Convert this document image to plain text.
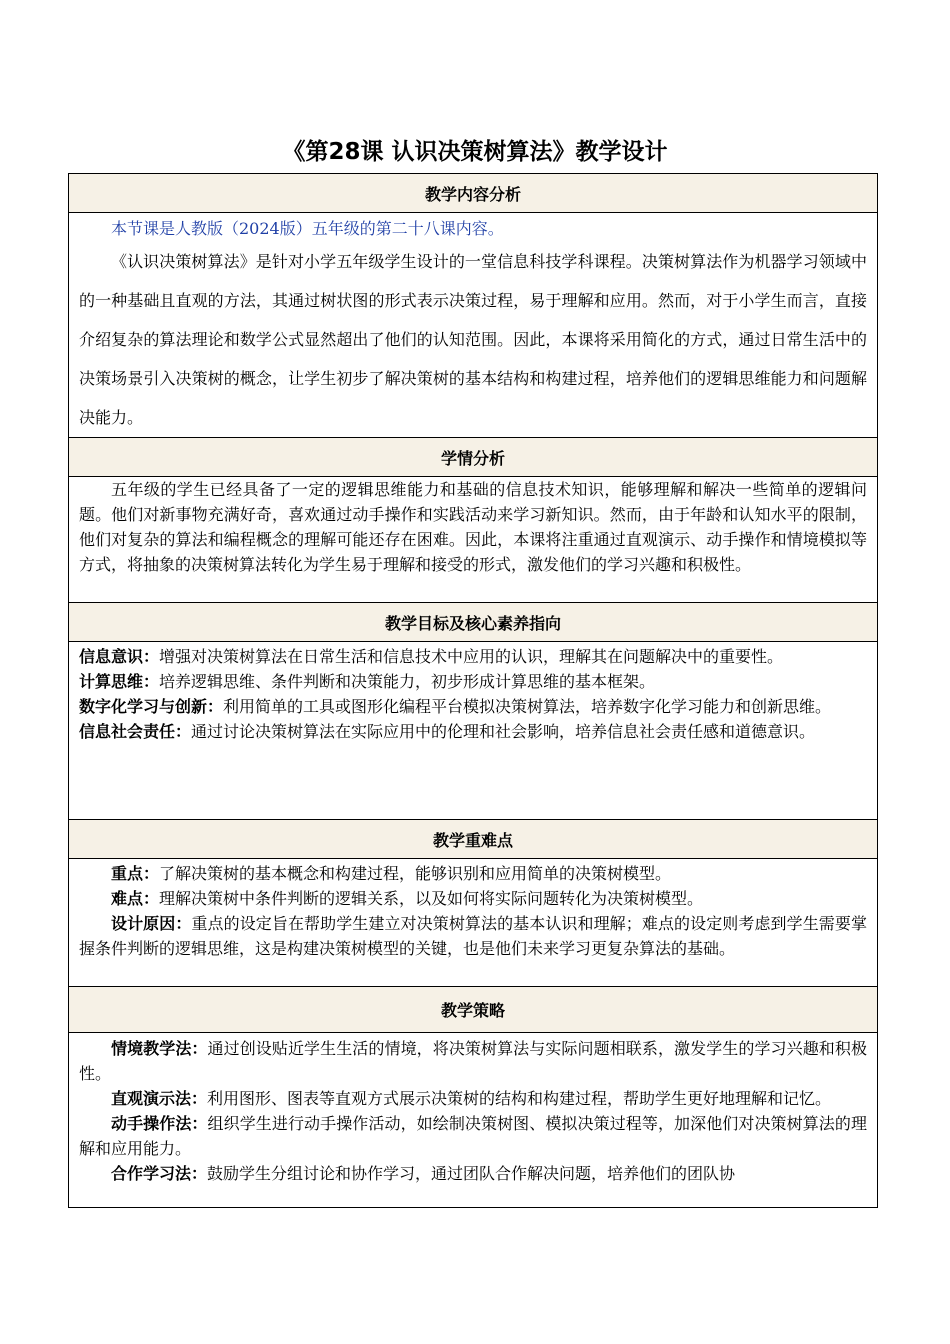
《第28课 认识决策树算法》教学设计
教学内容分析

本节课是人教版（2024版）五年级的第二十八课内容。

《认识决策树算法》是针对小学五年级学生设计的一堂信息科技学科课程。决策树算法作为机器学习领域中的一种基础且直观的方法，其通过树状图的形式表示决策过程，易于理解和应用。然而，对于小学生而言，直接介绍复杂的算法理论和数学公式显然超出了他们的认知范围。因此，本课将采用简化的方式，通过日常生活中的决策场景引入决策树的概念，让学生初步了解决策树的基本结构和构建过程，培养他们的逻辑思维能力和问题解决能力。

学情分析

五年级的学生已经具备了一定的逻辑思维能力和基础的信息技术知识，能够理解和解决一些简单的逻辑问题。他们对新事物充满好奇，喜欢通过动手操作和实践活动来学习新知识。然而，由于年龄和认知水平的限制，他们对复杂的算法和编程概念的理解可能还存在困难。因此，本课将注重通过直观演示、动手操作和情境模拟等方式，将抽象的决策树算法转化为学生易于理解和接受的形式，激发他们的学习兴趣和积极性。

教学目标及核心素养指向

信息意识：增强对决策树算法在日常生活和信息技术中应用的认识，理解其在问题解决中的重要性。

计算思维：培养逻辑思维、条件判断和决策能力，初步形成计算思维的基本框架。

数字化学习与创新：利用简单的工具或图形化编程平台模拟决策树算法，培养数字化学习能力和创新思维。

信息社会责任：通过讨论决策树算法在实际应用中的伦理和社会影响，培养信息社会责任感和道德意识。

教学重难点

重点：了解决策树的基本概念和构建过程，能够识别和应用简单的决策树模型。

难点：理解决策树中条件判断的逻辑关系，以及如何将实际问题转化为决策树模型。

设计原因：重点的设定旨在帮助学生建立对决策树算法的基本认识和理解；难点的设定则考虑到学生需要掌握条件判断的逻辑思维，这是构建决策树模型的关键，也是他们未来学习更复杂算法的基础。

教学策略

情境教学法：通过创设贴近学生生活的情境，将决策树算法与实际问题相联系，激发学生的学习兴趣和积极性。

直观演示法：利用图形、图表等直观方式展示决策树的结构和构建过程，帮助学生更好地理解和记忆。

动手操作法：组织学生进行动手操作活动，如绘制决策树图、模拟决策过程等，加深他们对决策树算法的理解和应用能力。

合作学习法：鼓励学生分组讨论和协作学习，通过团队合作解决问题，培养他们的团队协
